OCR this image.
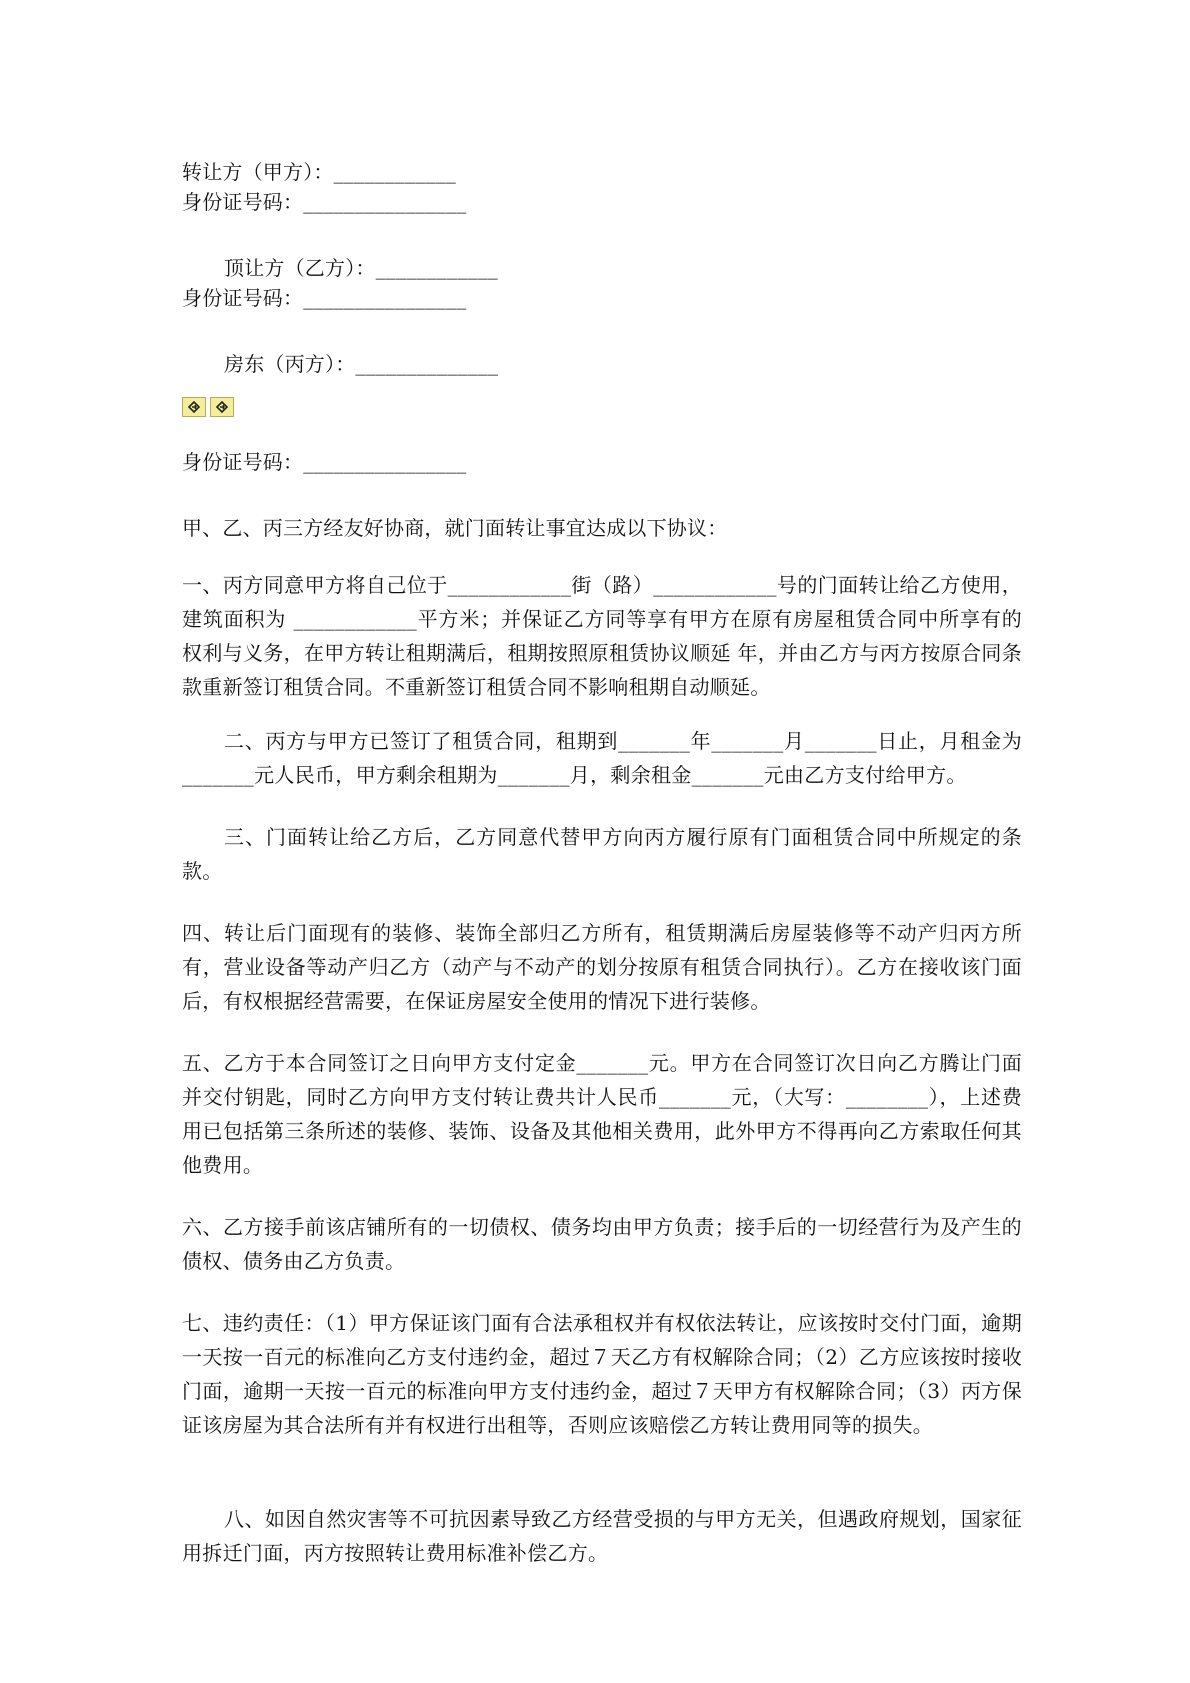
转让方（甲方）：____________
身份证号码：________________
顶让方（乙方）：____________
身份证号码：________________
房东（丙方）：______________
身份证号码：________________
甲、乙、丙三方经友好协商，就门面转让事宜达成以下协议：
一、丙方同意甲方将自己位于____________街（路）____________号的门面转让给乙方使用，建筑面积为 ____________平方米；并保证乙方同等享有甲方在原有房屋租赁合同中所享有的权利与义务，在甲方转让租期满后，租期按照原租赁协议顺延 年，并由乙方与丙方按原合同条款重新签订租赁合同。不重新签订租赁合同不影响租期自动顺延。
二、丙方与甲方已签订了租赁合同，租期到_______年_______月_______日止，月租金为_______元人民币，甲方剩余租期为_______月，剩余租金_______元由乙方支付给甲方。
三、门面转让给乙方后，乙方同意代替甲方向丙方履行原有门面租赁合同中所规定的条款。
四、转让后门面现有的装修、装饰全部归乙方所有，租赁期满后房屋装修等不动产归丙方所有，营业设备等动产归乙方（动产与不动产的划分按原有租赁合同执行）。乙方在接收该门面后，有权根据经营需要，在保证房屋安全使用的情况下进行装修。
五、乙方于本合同签订之日向甲方支付定金_______元。甲方在合同签订次日向乙方腾让门面并交付钥匙，同时乙方向甲方支付转让费共计人民币_______元，（大写：________），上述费用已包括第三条所述的装修、装饰、设备及其他相关费用，此外甲方不得再向乙方索取任何其他费用。
六、乙方接手前该店铺所有的一切债权、债务均由甲方负责；接手后的一切经营行为及产生的债权、债务由乙方负责。
七、违约责任：（1）甲方保证该门面有合法承租权并有权依法转让，应该按时交付门面，逾期一天按一百元的标准向乙方支付违约金，超过７天乙方有权解除合同；（2）乙方应该按时接收门面，逾期一天按一百元的标准向甲方支付违约金，超过７天甲方有权解除合同；（3）丙方保证该房屋为其合法所有并有权进行出租等，否则应该赔偿乙方转让费用同等的损失。
八、如因自然灾害等不可抗因素导致乙方经营受损的与甲方无关，但遇政府规划，国家征用拆迁门面，丙方按照转让费用标准补偿乙方。
